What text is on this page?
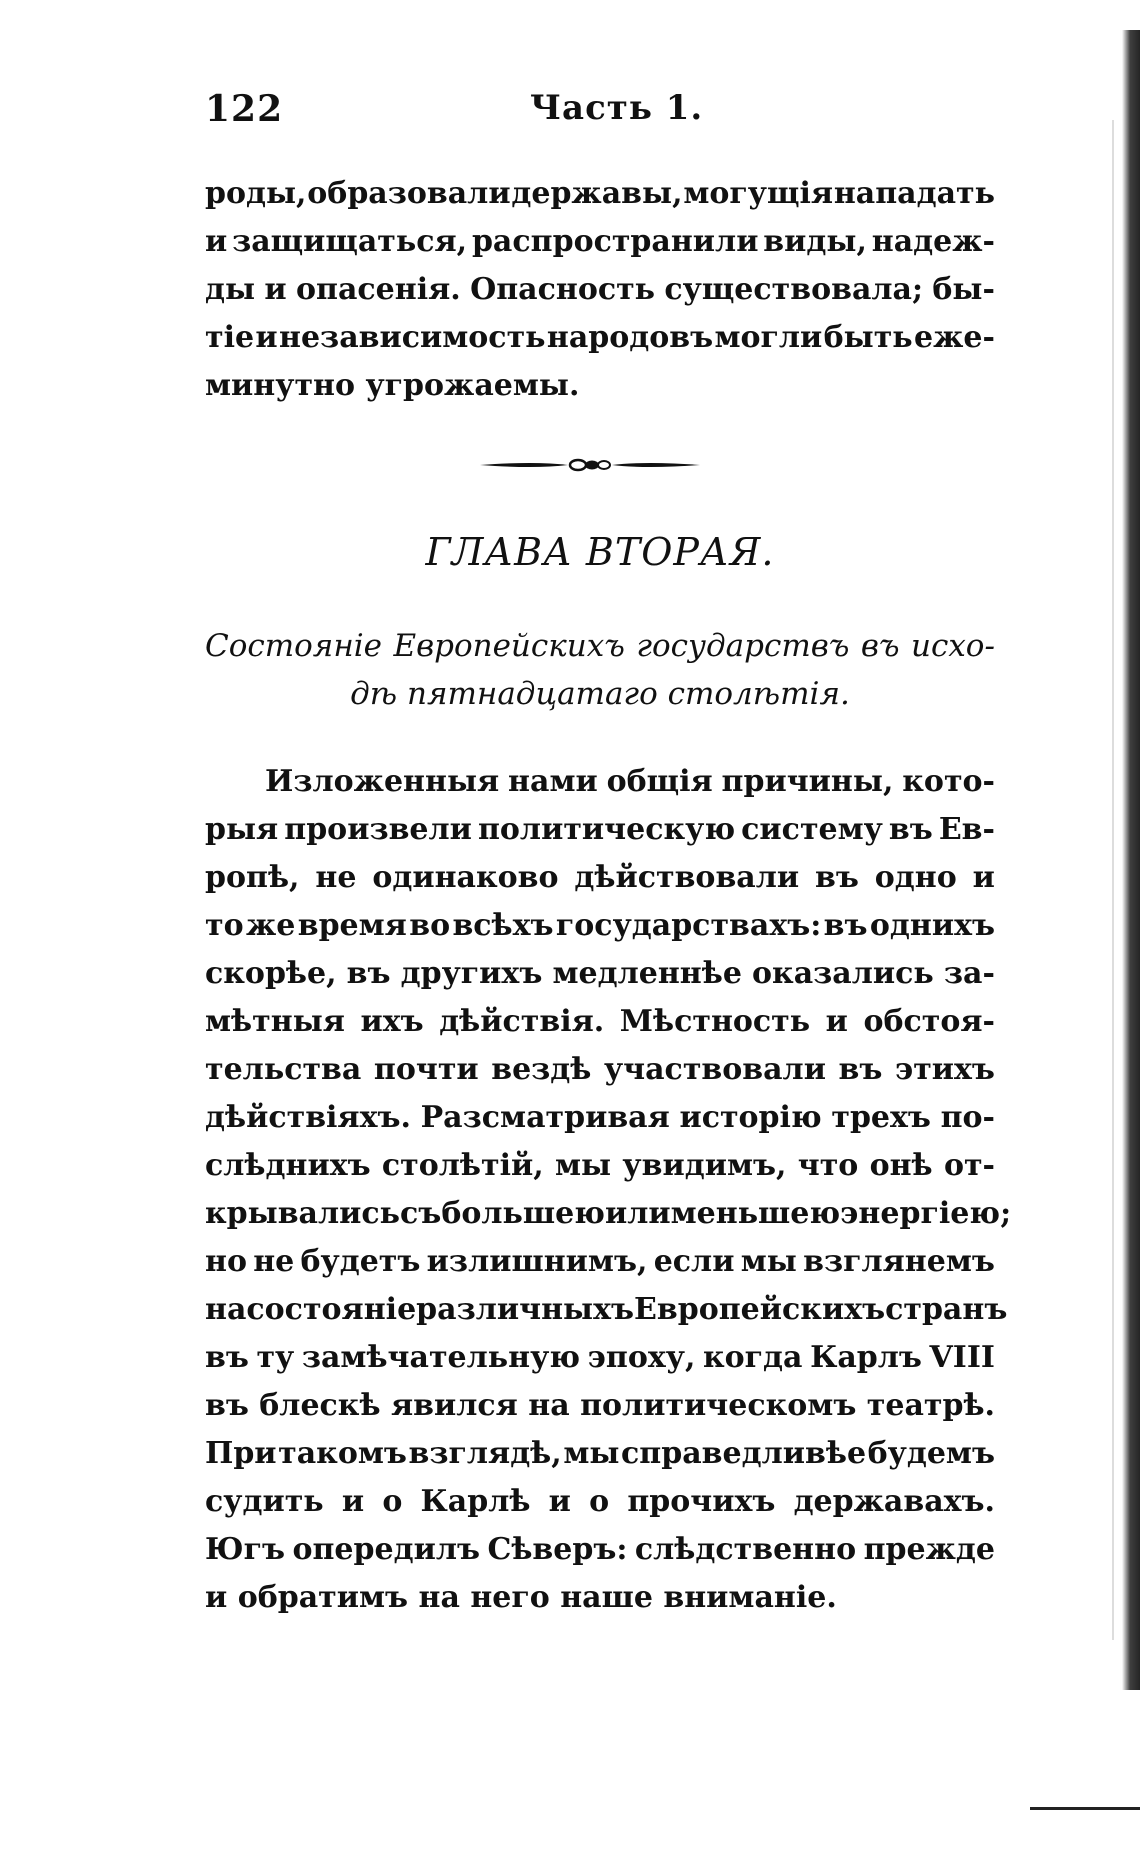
122	Часть 1.
роды, образовали державы, могущія нападать
и защищаться, распространили виды, надеж-
ды и опасенія. Опасность существовала; бы-
тіе и независимость народовъ могли быть еже-
минутно угрожаемы.
ГЛАВА ВТОРАЯ.
Состояніе Европейскихъ государствъ въ исхо-
дѣ пятнадцатаго столѣтія.
Изложенныя нами общія причины, кото-
рыя произвели политическую систему въ Ев-
ропѣ, не одинаково дѣйствовали въ одно и
то же время во всѣхъ государствахъ: въ однихъ
скорѣе, въ другихъ медленнѣе оказались за-
мѣтныя ихъ дѣйствія. Мѣстность и обстоя-
тельства почти вездѣ участвовали въ этихъ
дѣйствіяхъ. Разсматривая исторію трехъ по-
слѣднихъ столѣтій, мы увидимъ, что онѣ от-
крывались съ большею или меньшею энергіею;
но не будетъ излишнимъ, если мы взглянемъ
на состояніе различныхъ Европейскихъ странъ
въ ту замѣчательную эпоху, когда Карлъ VIII
въ блескѣ явился на политическомъ театрѣ.
При такомъ взглядѣ, мы справедливѣе будемъ
судить и о Карлѣ и о прочихъ державахъ.
Югъ опередилъ Сѣверъ: слѣдственно прежде
и обратимъ на него наше вниманіе.
